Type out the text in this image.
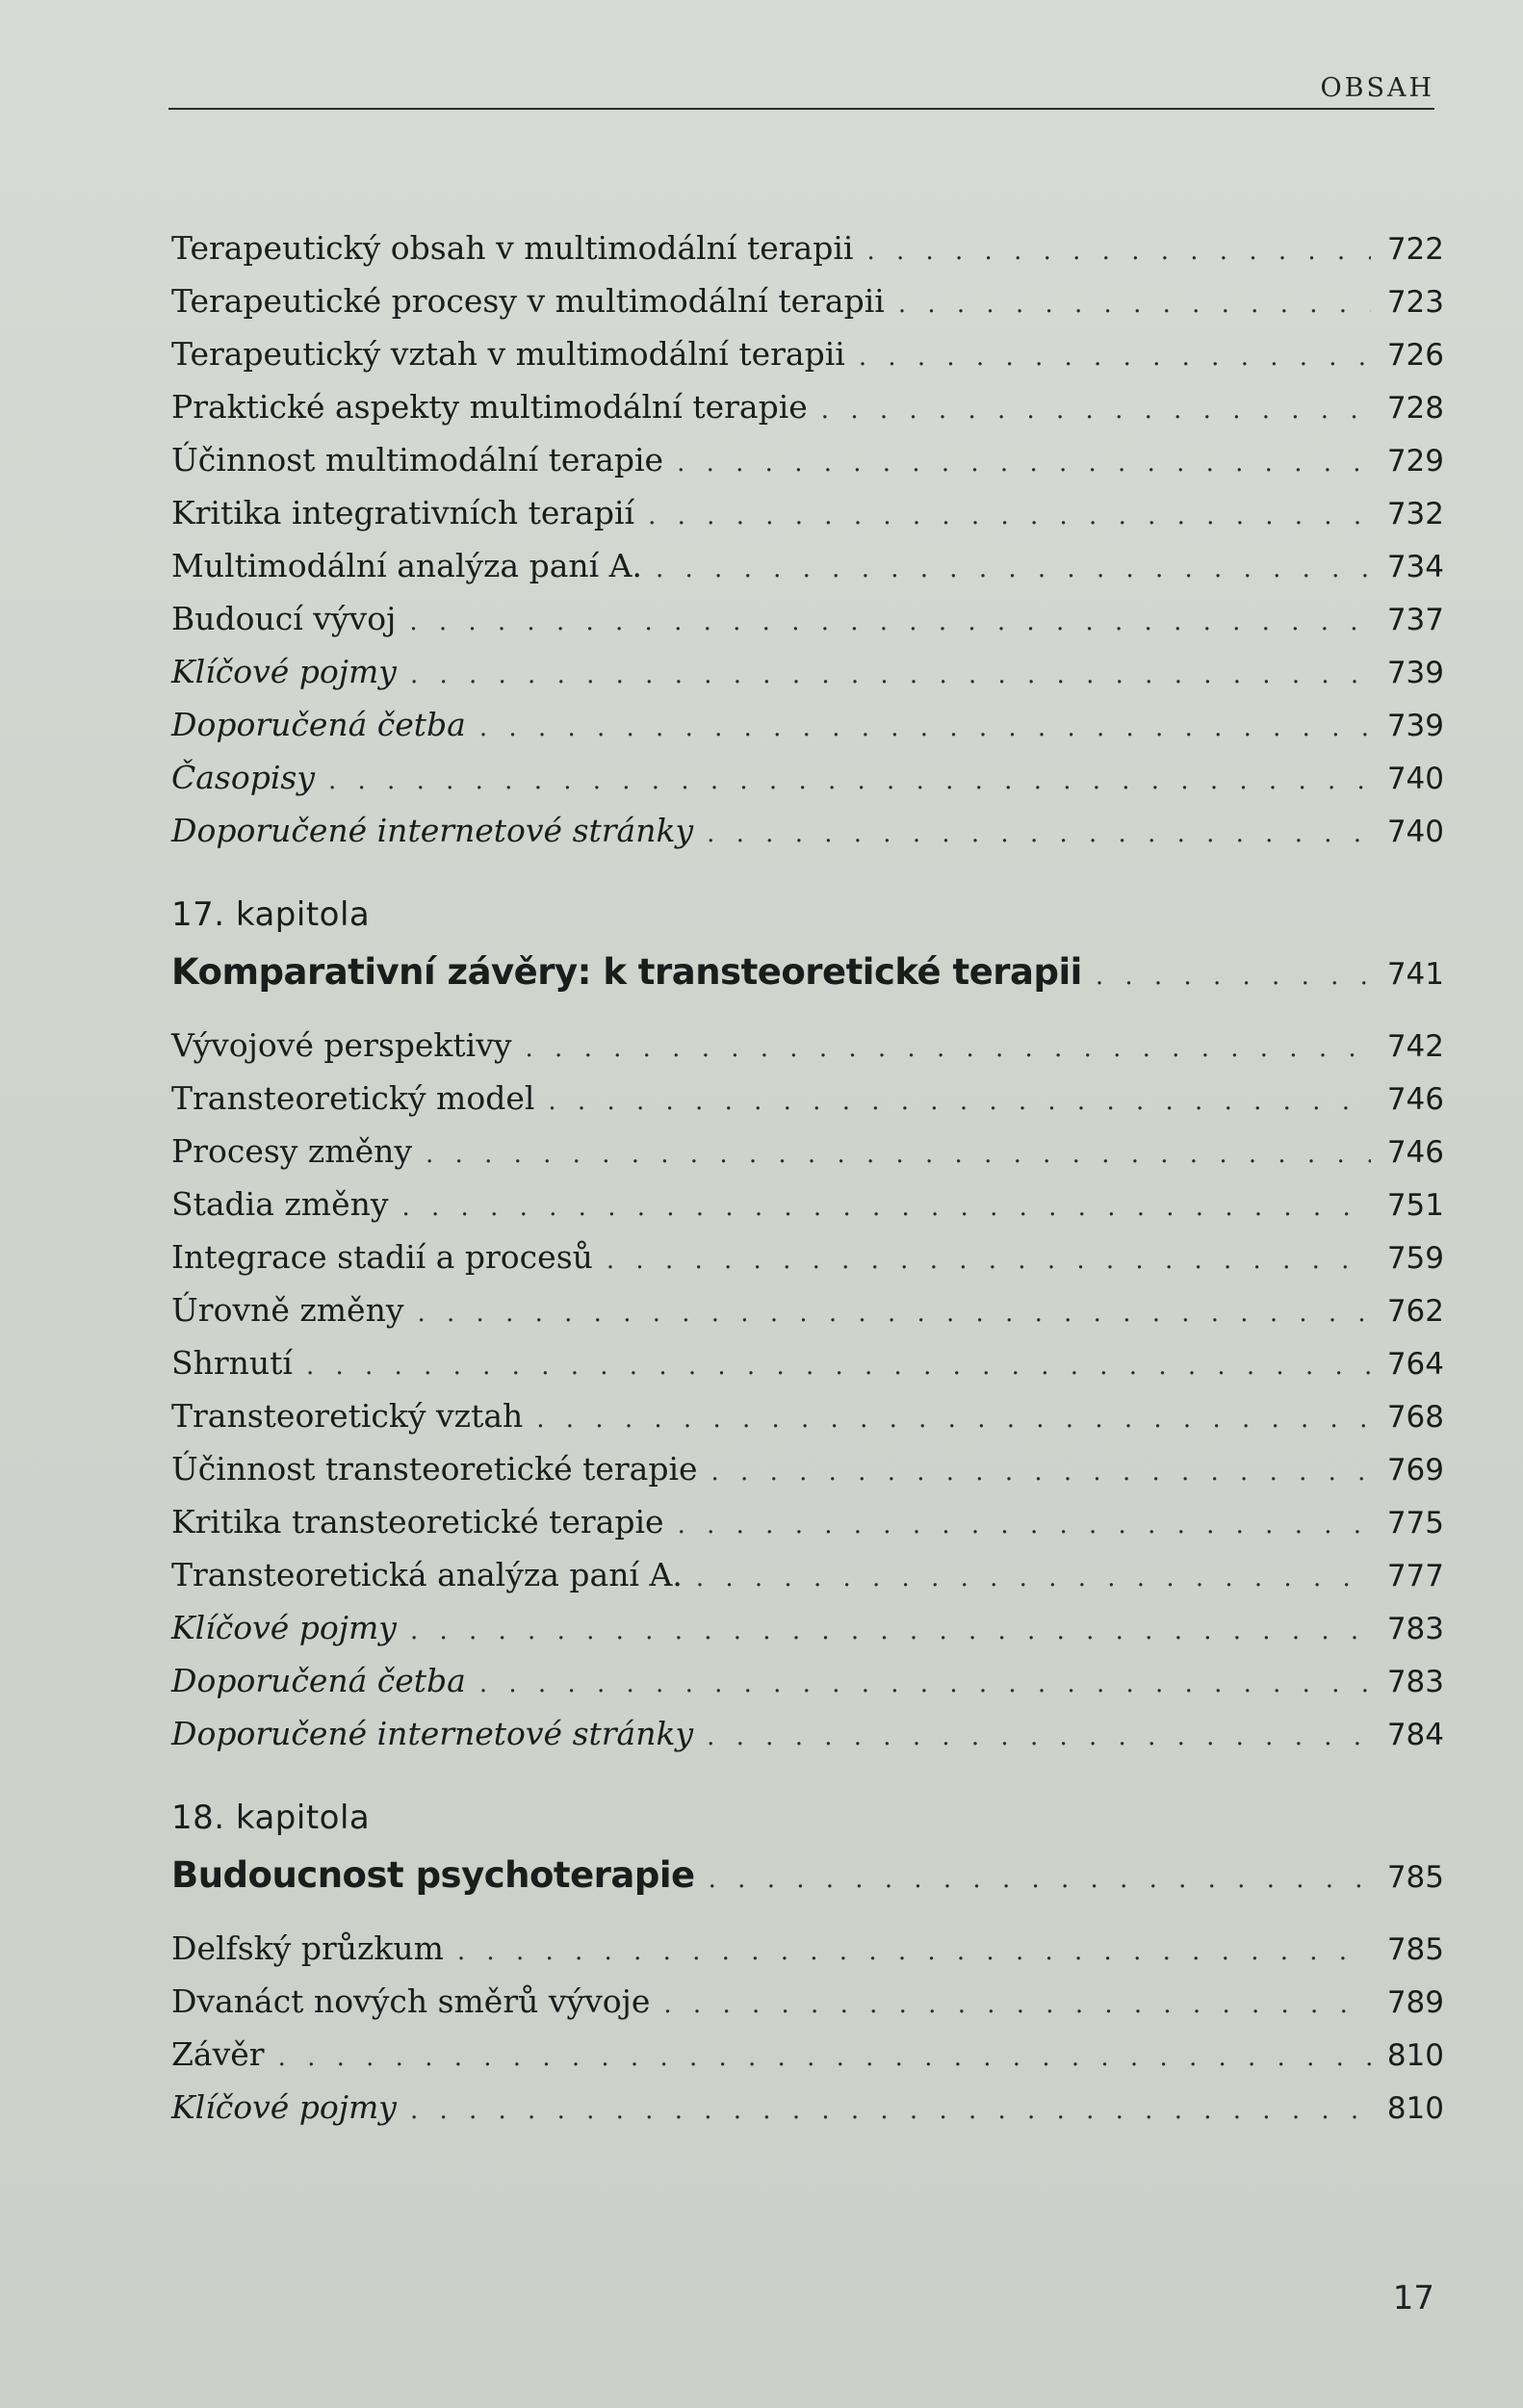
OBSAH
Terapeutický obsah v multimodální terapii . . .	722
Terapeutické procesy v multimodální terapii . . .	723
Terapeutický vztah v multimodální terapii . . .	726
Praktické aspekty multimodální terapie . . .	728
Účinnost multimodální terapie . . .	729
Kritika integrativních terapií . . .	732
Multimodální analýza paní A. . . .	734
Budoucí vývoj . . .	737
Klíčové pojmy . . .	739
Doporučená četba . . .	739
Časopisy . . .	740
Doporučené internetové stránky . . .	740
17. kapitola
Komparativní závěry: k transteoretické terapii . . .	741
Vývojové perspektivy . . .	742
Transteoretický model . . .	746
Procesy změny . . .	746
Stadia změny . . .	751
Integrace stadií a procesů . . .	759
Úrovně změny . . .	762
Shrnutí . . .	764
Transteoretický vztah . . .	768
Účinnost transteoretické terapie . . .	769
Kritika transteoretické terapie . . .	775
Transteoretická analýza paní A. . . .	777
Klíčové pojmy . . .	783
Doporučená četba . . .	783
Doporučené internetové stránky . . .	784
18. kapitola
Budoucnost psychoterapie . . .	785
Delfský průzkum . . .	785
Dvanáct nových směrů vývoje . . .	789
Závěr . . .	810
Klíčové pojmy . . .	810
17
